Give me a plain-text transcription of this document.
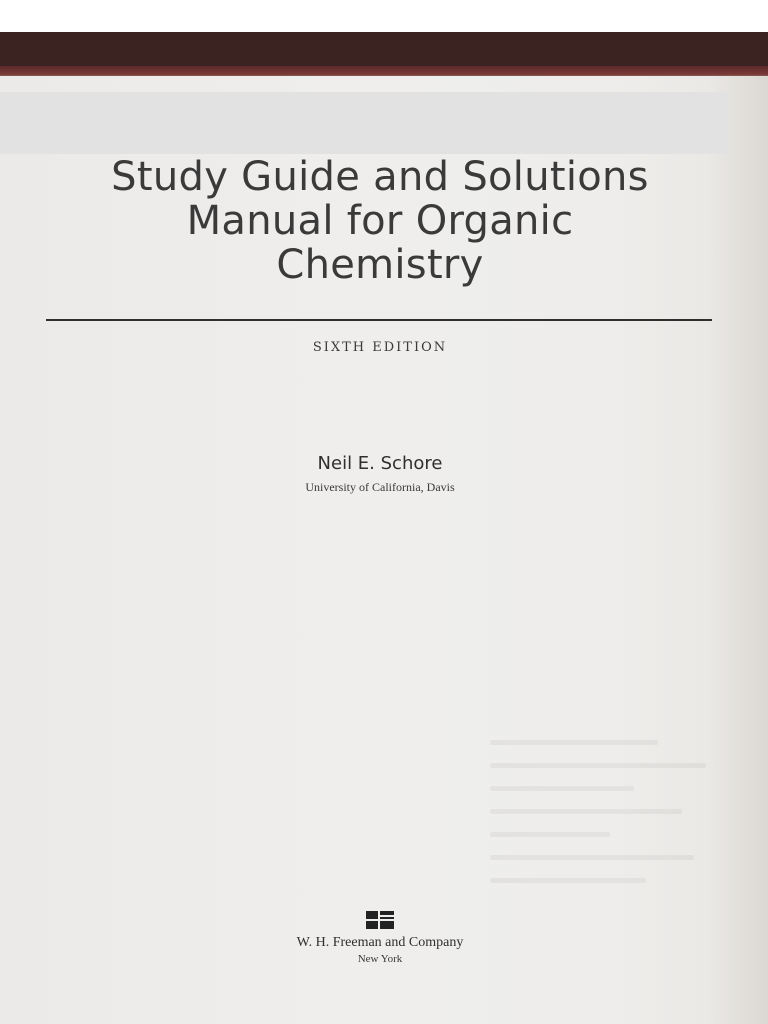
Study Guide and Solutions
Manual for Organic
Chemistry
SIXTH EDITION
Neil E. Schore
University of California, Davis
W. H. Freeman and Company
New York
